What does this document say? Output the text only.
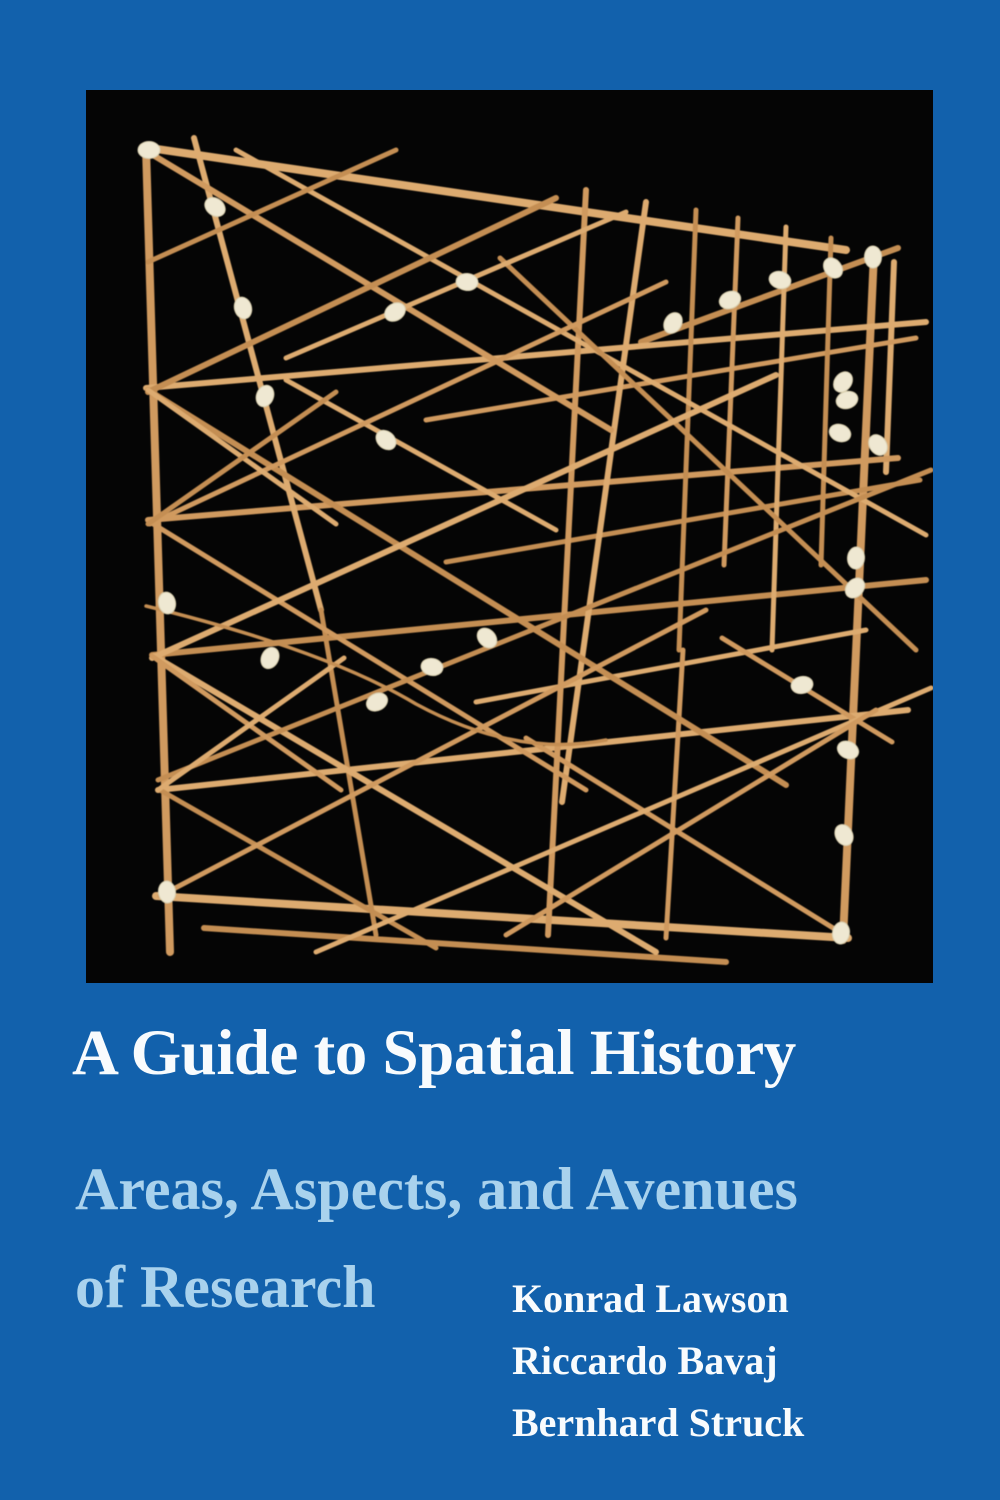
A Guide to Spatial History
Areas, Aspects, and Avenues
of Research	Konrad Lawson
Riccardo Bavaj
Bernhard Struck
